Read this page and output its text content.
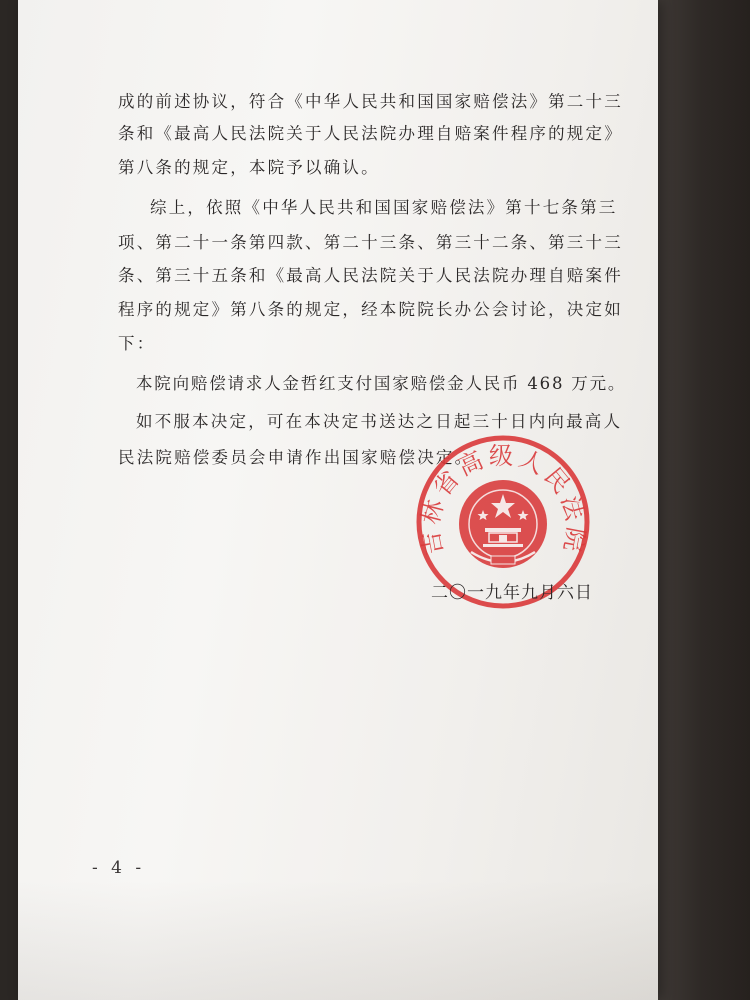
成的前述协议，符合《中华人民共和国国家赔偿法》第二十三
条和《最高人民法院关于人民法院办理自赔案件程序的规定》
第八条的规定，本院予以确认。
综上，依照《中华人民共和国国家赔偿法》第十七条第三
项、第二十一条第四款、第二十三条、第三十二条、第三十三
条、第三十五条和《最高人民法院关于人民法院办理自赔案件
程序的规定》第八条的规定，经本院院长办公会讨论，决定如
下：
本院向赔偿请求人金哲红支付国家赔偿金人民币 468 万元。
如不服本决定，可在本决定书送达之日起三十日内向最高人
民法院赔偿委员会申请作出国家赔偿决定。
吉林省高级人民法院
二〇一九年九月六日
- 4 -
